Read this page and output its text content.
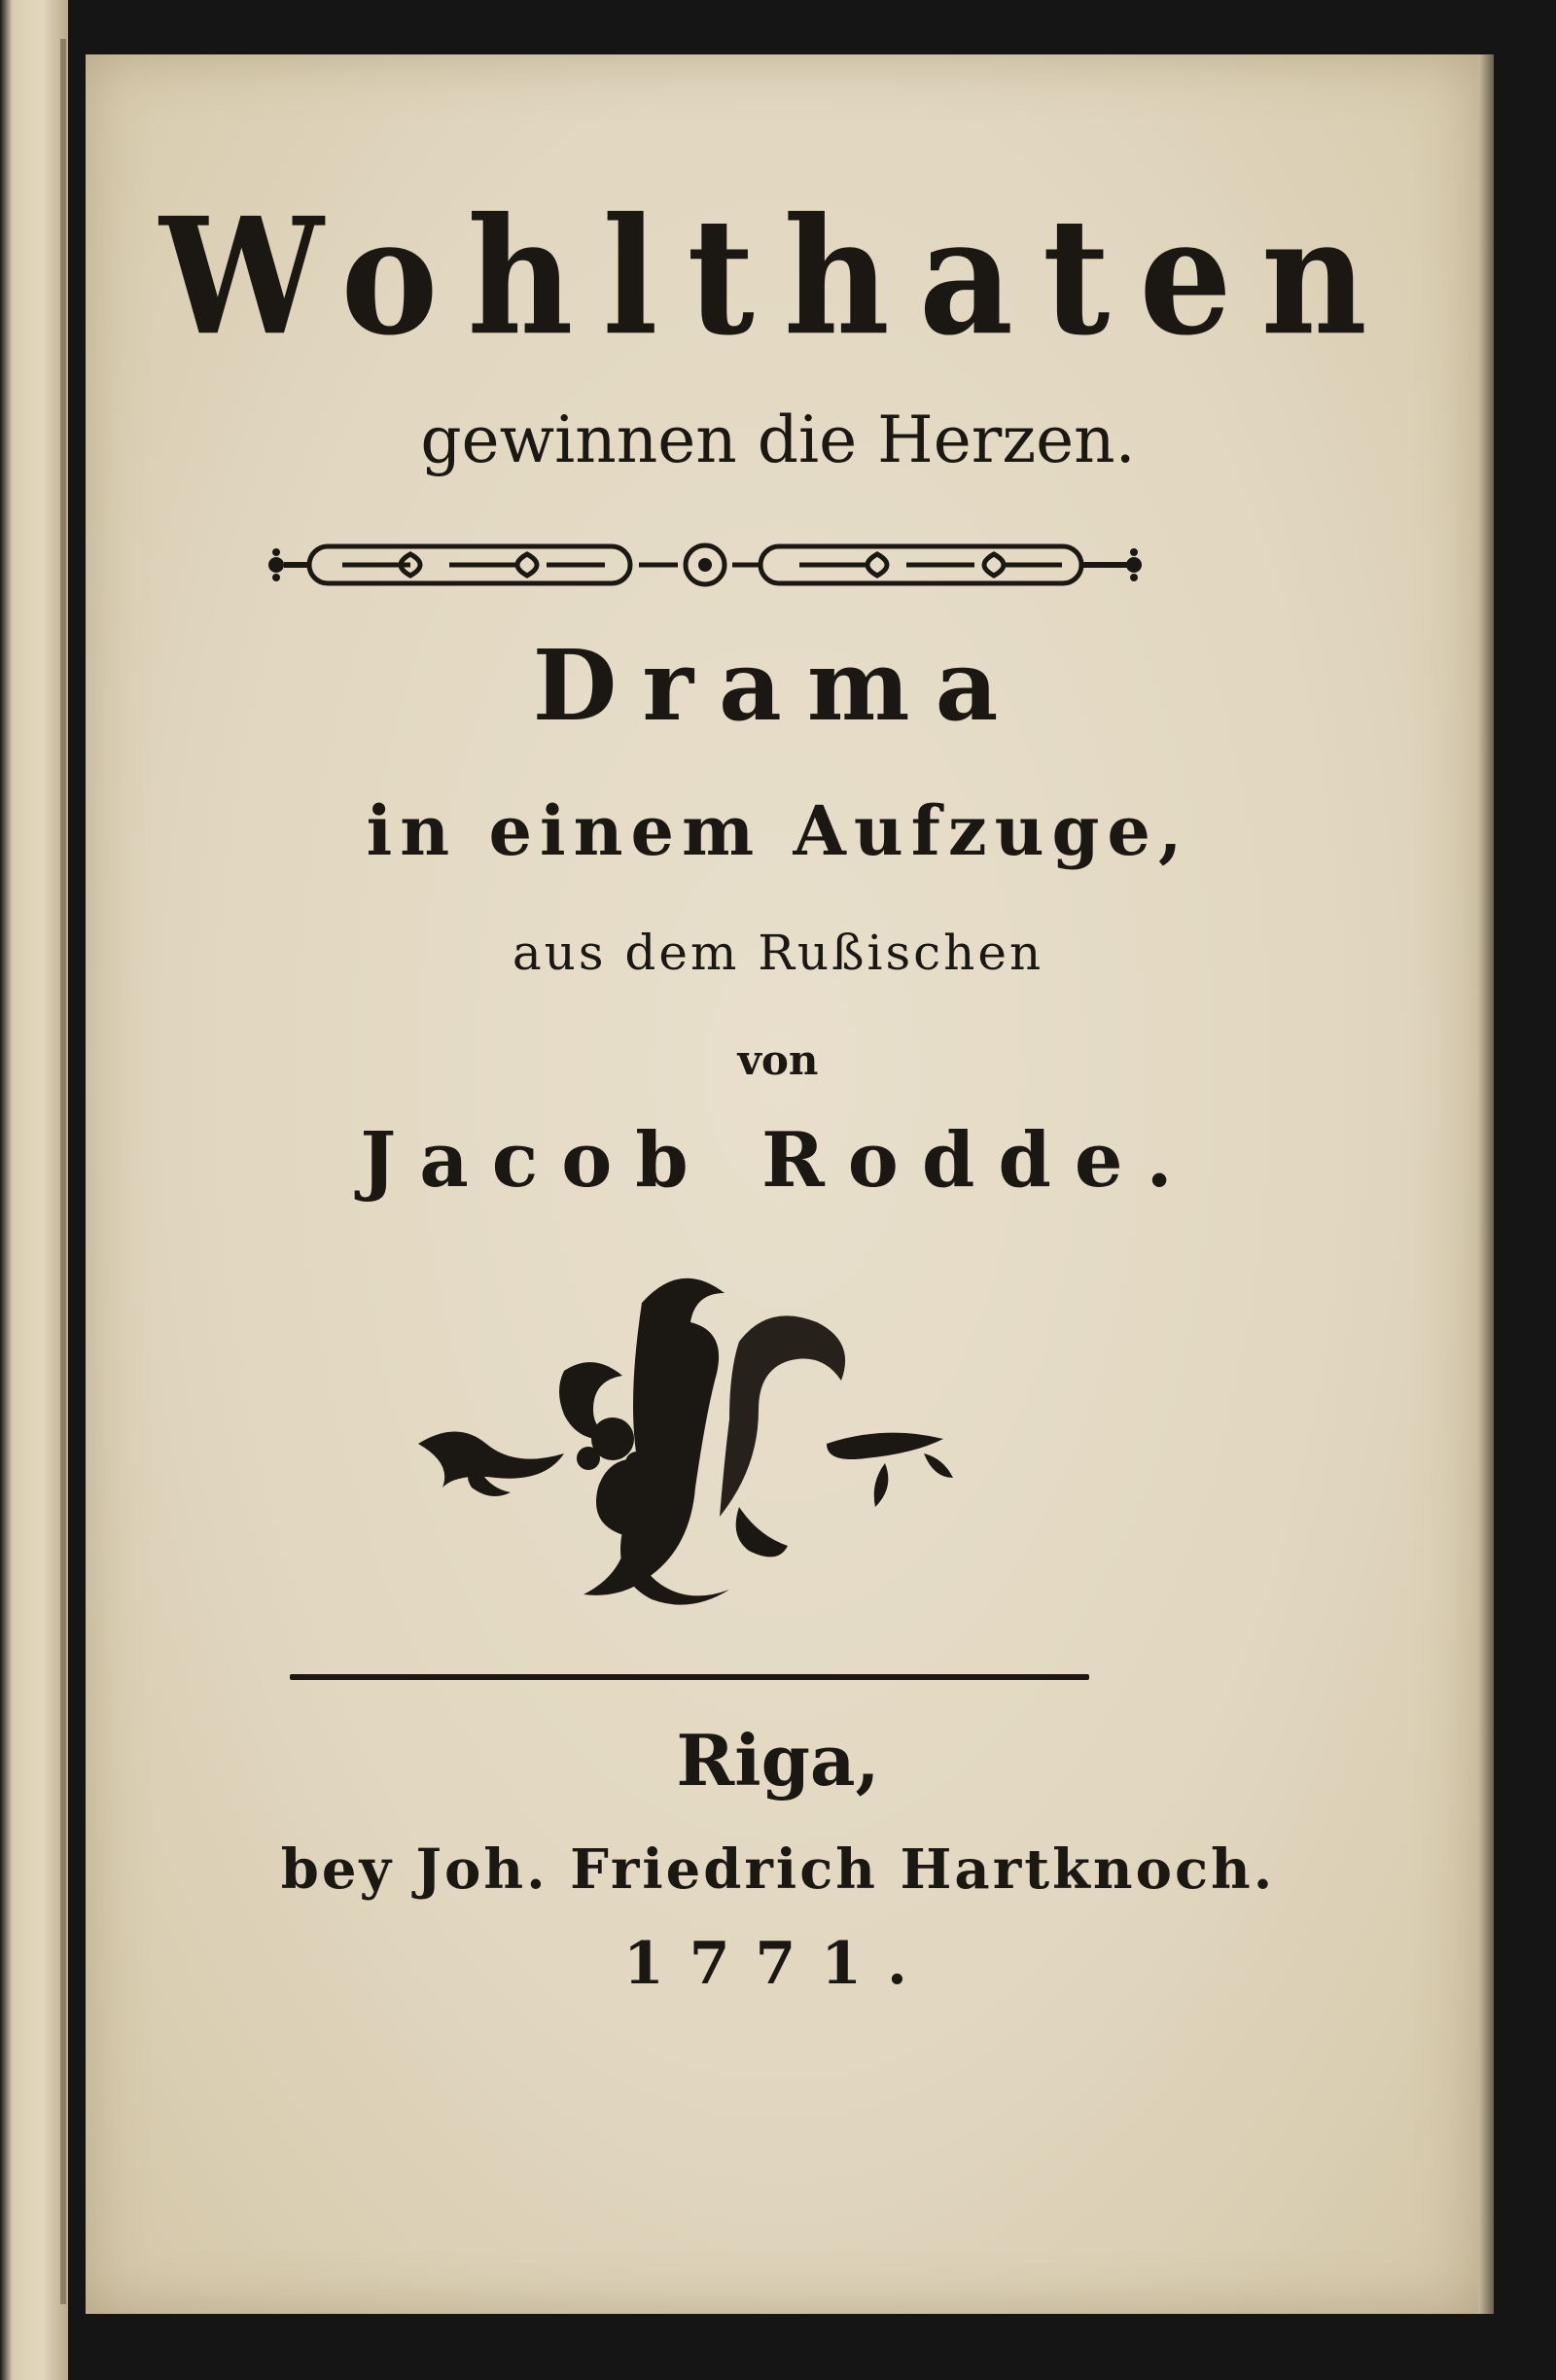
Wohlthaten
gewinnen die Herzen.
Drama
in einem Aufzuge,
aus dem Rußischen
von
Jacob Rodde.
Riga,
bey Joh. Friedrich Hartknoch.
1771.
